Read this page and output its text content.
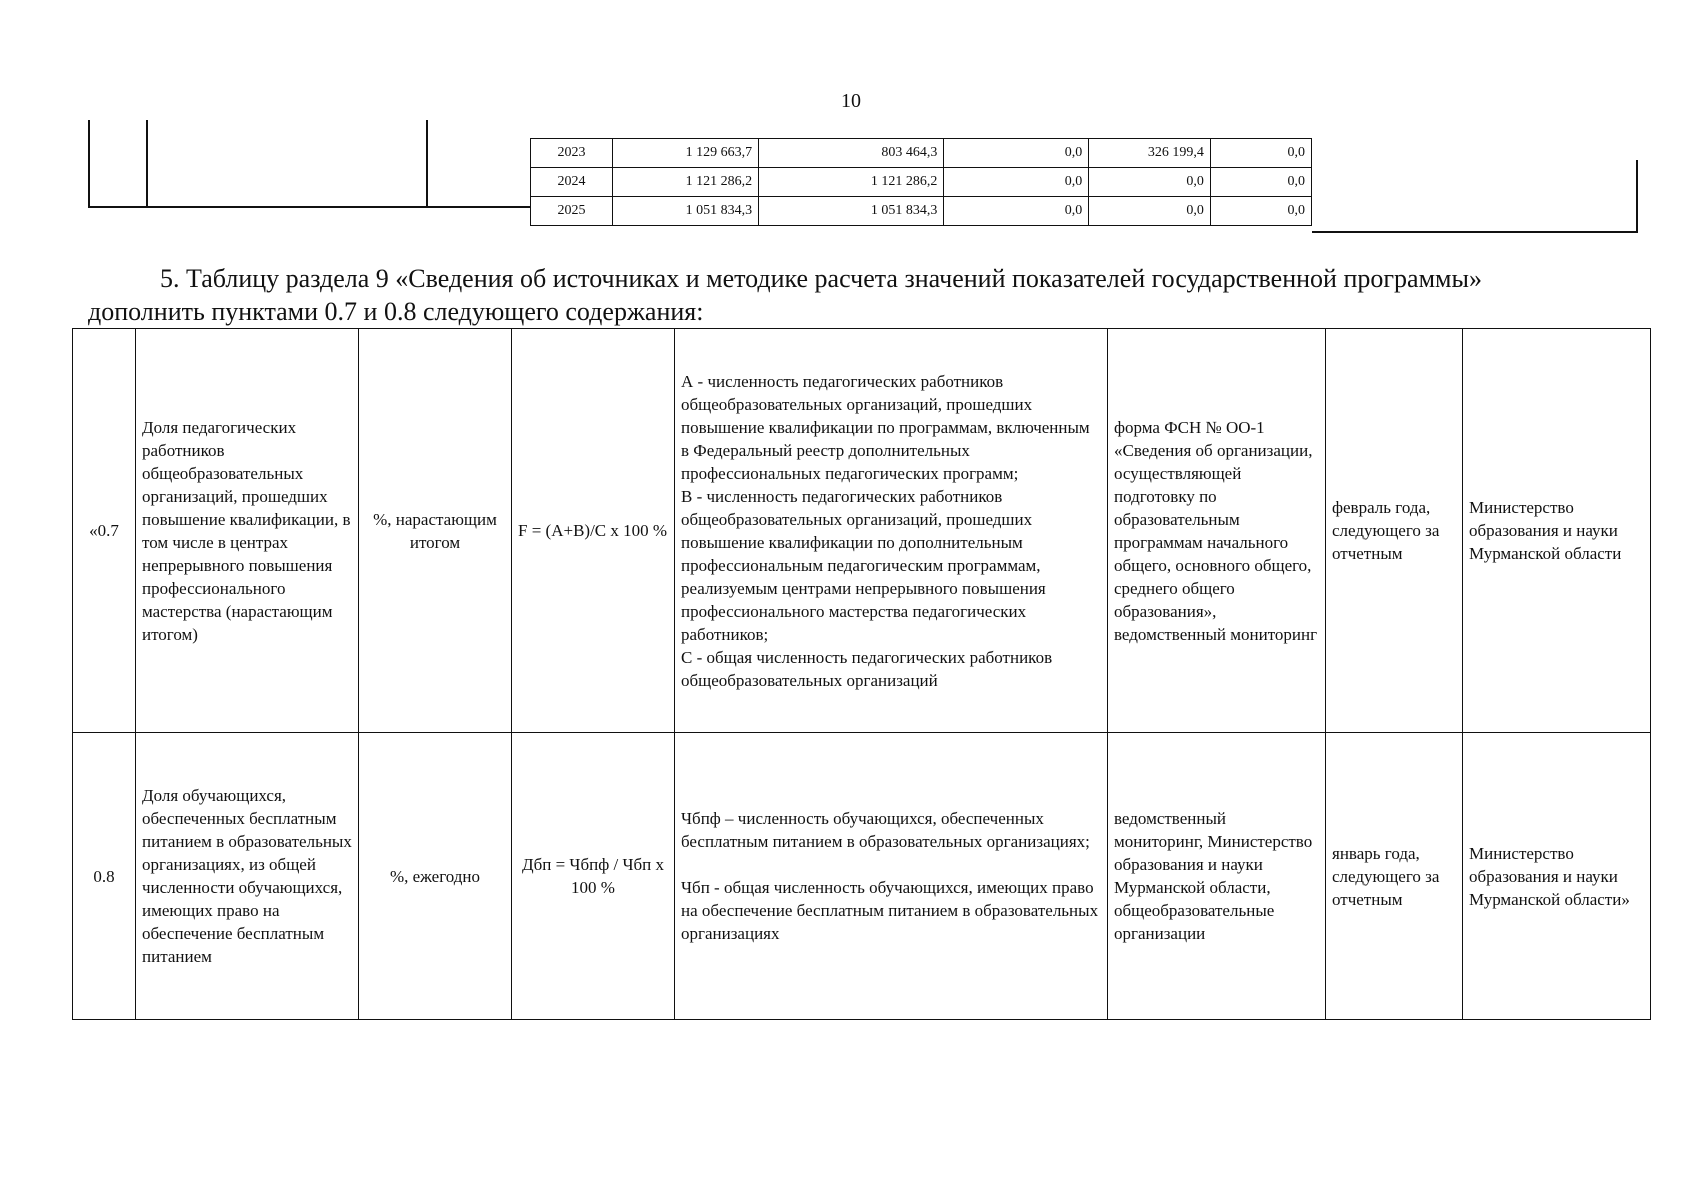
10
2023	1 129 663,7	803 464,3	0,0	326 199,4	0,0
2024	1 121 286,2	1 121 286,2	0,0	0,0	0,0
2025	1 051 834,3	1 051 834,3	0,0	0,0	0,0

5. Таблицу раздела 9 «Сведения об источниках и методике расчета значений показателей государственной программы»
дополнить пунктами 0.7 и 0.8 следующего содержания:

«0.7	Доля педагогических работников общеобразовательных организаций, прошедших повышение квалификации, в том числе в центрах непрерывного повышения профессионального мастерства (нарастающим итогом)	%, нарастающим итогом	F = (A+B)/C x 100 %	А - численность педагогических работников общеобразовательных организаций, прошедших повышение квалификации по программам, включенным в Федеральный реестр дополнительных профессиональных педагогических программ;
В - численность педагогических работников общеобразовательных организаций, прошедших повышение квалификации по дополнительным профессиональным педагогическим программам, реализуемым центрами непрерывного повышения профессионального мастерства педагогических работников;
С - общая численность педагогических работников общеобразовательных организаций	форма ФСН № ОО-1 «Сведения об организации, осуществляющей подготовку по образовательным программам начального общего, основного общего, среднего общего образования», ведомственный мониторинг	февраль года, следующего за отчетным	Министерство образования и науки Мурманской области
0.8	Доля обучающихся, обеспеченных бесплатным питанием в образовательных организациях, из общей численности обучающихся, имеющих право на обеспечение бесплатным питанием	%, ежегодно	Дбп = Чбпф / Чбп х 100 %	Чбпф – численность обучающихся, обеспеченных бесплатным питанием в образовательных организациях;
Чбп - общая численность обучающихся, имеющих право на обеспечение бесплатным питанием в образовательных организациях	ведомственный мониторинг, Министерство образования и науки Мурманской области, общеобразовательные организации	январь года, следующего за отчетным	Министерство образования и науки Мурманской области»
